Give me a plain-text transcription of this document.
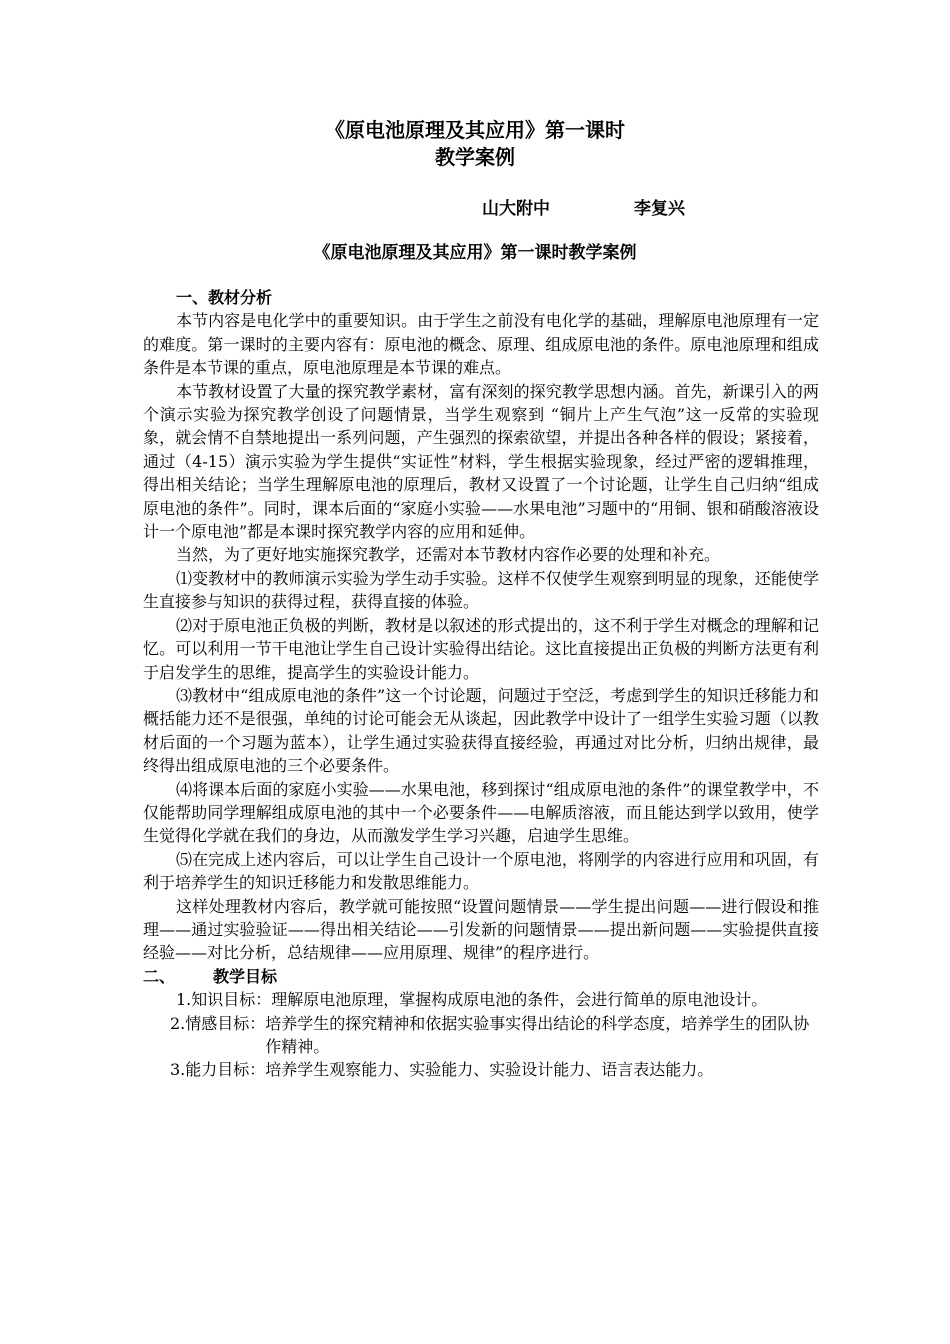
《原电池原理及其应用》第一课时
教学案例
山大附中	李复兴
《原电池原理及其应用》第一课时教学案例

一、教材分析

本节内容是电化学中的重要知识。由于学生之前没有电化学的基础，理解原电池原理有一定的难度。第一课时的主要内容有：原电池的概念、原理、组成原电池的条件。原电池原理和组成条件是本节课的重点，原电池原理是本节课的难点。

本节教材设置了大量的探究教学素材，富有深刻的探究教学思想内涵。首先，新课引入的两个演示实验为探究教学创设了问题情景，当学生观察到 “铜片上产生气泡”这一反常的实验现象，就会情不自禁地提出一系列问题，产生强烈的探索欲望，并提出各种各样的假设；紧接着，通过（4-15）演示实验为学生提供“实证性”材料，学生根据实验现象，经过严密的逻辑推理，得出相关结论；当学生理解原电池的原理后，教材又设置了一个讨论题，让学生自己归纳“组成原电池的条件”。同时，课本后面的“家庭小实验——水果电池”习题中的“用铜、银和硝酸溶液设计一个原电池”都是本课时探究教学内容的应用和延伸。

当然，为了更好地实施探究教学，还需对本节教材内容作必要的处理和补充。

⑴变教材中的教师演示实验为学生动手实验。这样不仅使学生观察到明显的现象，还能使学生直接参与知识的获得过程，获得直接的体验。

⑵对于原电池正负极的判断，教材是以叙述的形式提出的，这不利于学生对概念的理解和记忆。可以利用一节干电池让学生自己设计实验得出结论。这比直接提出正负极的判断方法更有利于启发学生的思维，提高学生的实验设计能力。

⑶教材中“组成原电池的条件”这一个讨论题，问题过于空泛，考虑到学生的知识迁移能力和概括能力还不是很强，单纯的讨论可能会无从谈起，因此教学中设计了一组学生实验习题（以教材后面的一个习题为蓝本），让学生通过实验获得直接经验，再通过对比分析，归纳出规律，最终得出组成原电池的三个必要条件。

⑷将课本后面的家庭小实验——水果电池，移到探讨“组成原电池的条件”的课堂教学中，不仅能帮助同学理解组成原电池的其中一个必要条件——电解质溶液，而且能达到学以致用，使学生觉得化学就在我们的身边，从而激发学生学习兴趣，启迪学生思维。

⑸在完成上述内容后，可以让学生自己设计一个原电池，将刚学的内容进行应用和巩固，有利于培养学生的知识迁移能力和发散思维能力。

这样处理教材内容后，教学就可能按照“设置问题情景——学生提出问题——进行假设和推理——通过实验验证——得出相关结论——引发新的问题情景——提出新问题——实验提供直接经验——对比分析，总结规律——应用原理、规律”的程序进行。

二、 教学目标

1.知识目标：理解原电池原理，掌握构成原电池的条件，会进行简单的原电池设计。

2.情感目标： 培养学生的探究精神和依据实验事实得出结论的科学态度，培养学生的团队协作精神。
3.能力目标： 培养学生观察能力、实验能力、实验设计能力、语言表达能力。
